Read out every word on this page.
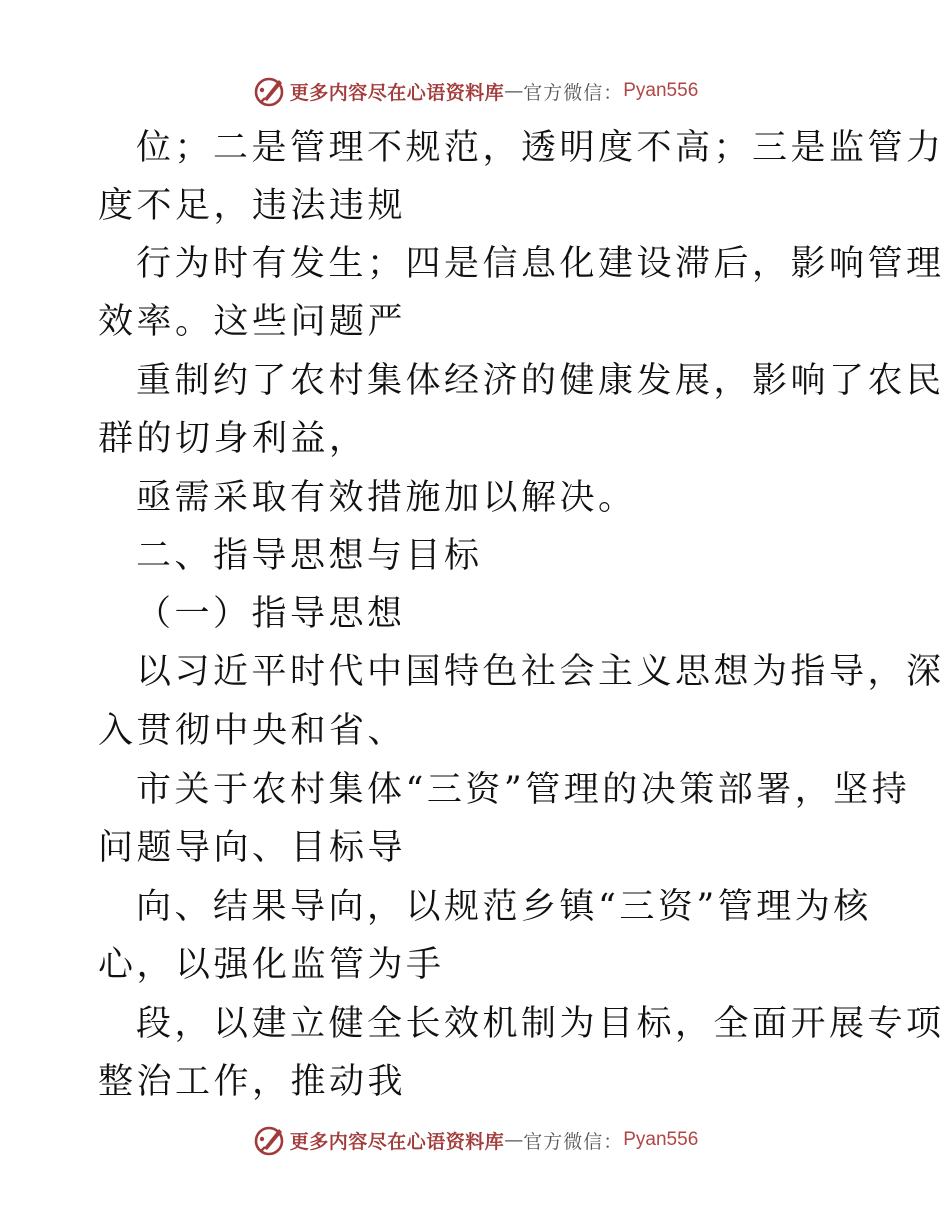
更多内容尽在心语资料库 — 官方微信： Pyan556

位；二是管理不规范，透明度不高；三是监管力

度不足，违法违规

行为时有发生；四是信息化建设滞后，影响管理

效率。这些问题严

重制约了农村集体经济的健康发展，影响了农民

群的切身利益，

亟需采取有效措施加以解决。

二、指导思想与目标

（一）指导思想

以习近平时代中国特色社会主义思想为指导，深

入贯彻中央和省、

市关于农村集体“三资”管理的决策部署，坚持

问题导向、目标导

向、结果导向，以规范乡镇“三资”管理为核

心，以强化监管为手

段，以建立健全长效机制为目标，全面开展专项

整治工作，推动我

更多内容尽在心语资料库 — 官方微信： Pyan556
